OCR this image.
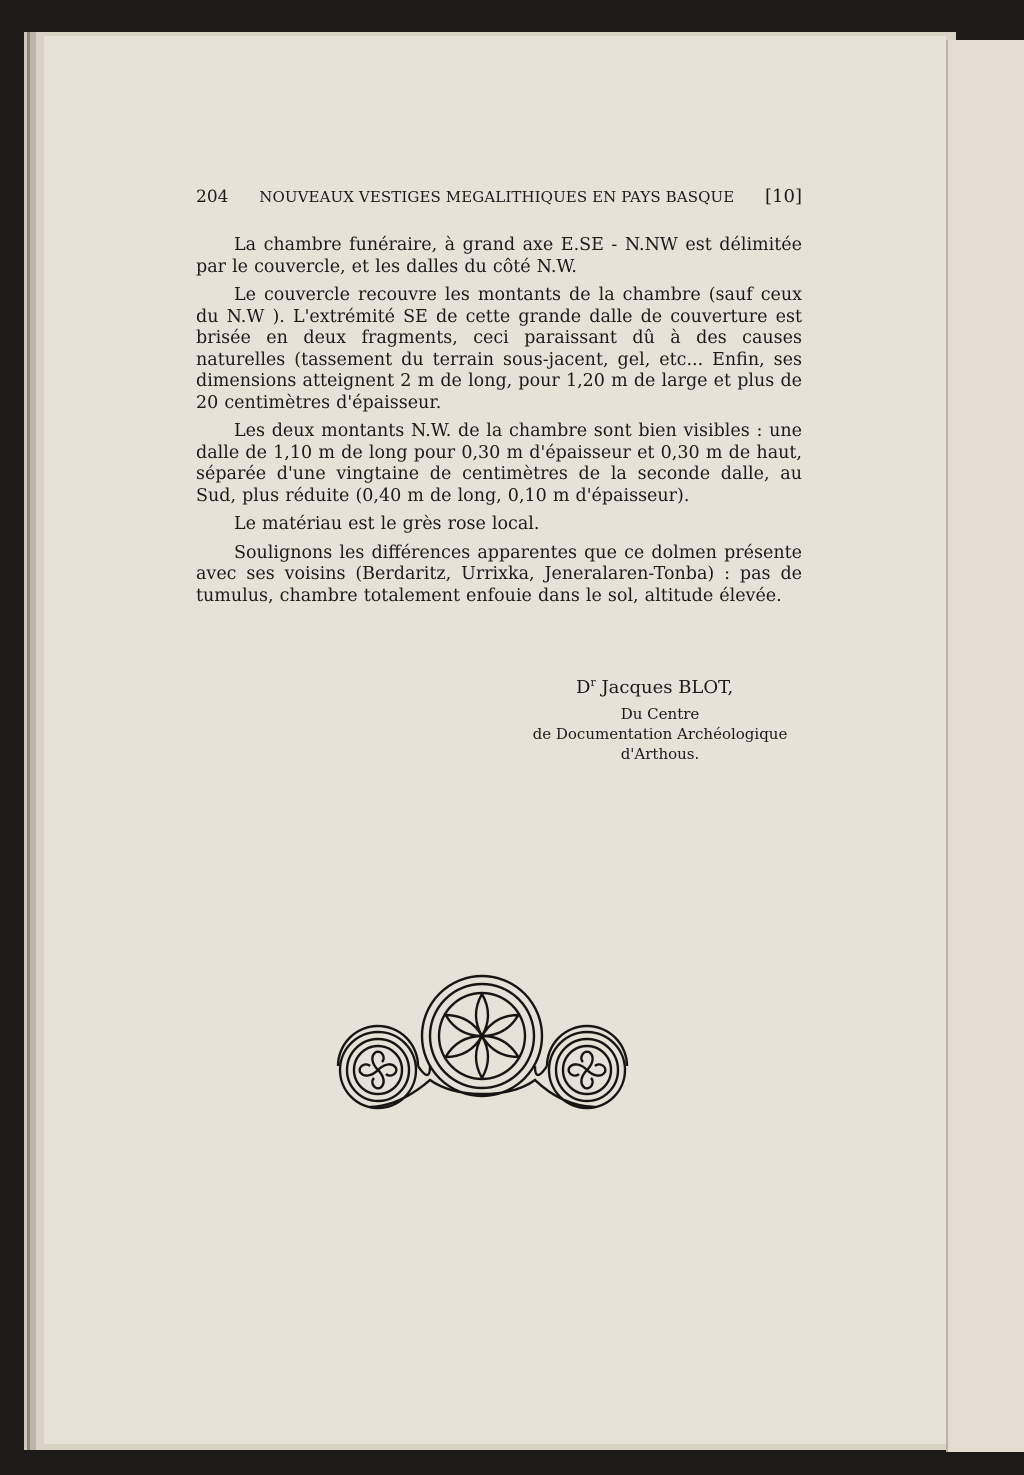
204 NOUVEAUX VESTIGES MEGALITHIQUES EN PAYS BASQUE [10]

La chambre funéraire, à grand axe E.SE - N.NW est délimitée par le couvercle, et les dalles du côté N.W.

Le couvercle recouvre les montants de la chambre (sauf ceux du N.W ). L'extrémité SE de cette grande dalle de couverture est brisée en deux fragments, ceci paraissant dû à des causes naturelles (tassement du terrain sous-jacent, gel, etc... Enfin, ses dimensions atteignent 2 m de long, pour 1,20 m de large et plus de 20 centimètres d'épaisseur.

Les deux montants N.W. de la chambre sont bien visibles : une dalle de 1,10 m de long pour 0,30 m d'épaisseur et 0,30 m de haut, séparée d'une vingtaine de centimètres de la seconde dalle, au Sud, plus réduite (0,40 m de long, 0,10 m d'épaisseur).

Le matériau est le grès rose local.

Soulignons les différences apparentes que ce dolmen présente avec ses voisins (Berdaritz, Urrixka, Jeneralaren-Tonba) : pas de tumulus, chambre totalement enfouie dans le sol, altitude élevée.

$D^r$ Jacques BLOT,
Du Centre
de Documentation Archéologique
d'Arthous.
